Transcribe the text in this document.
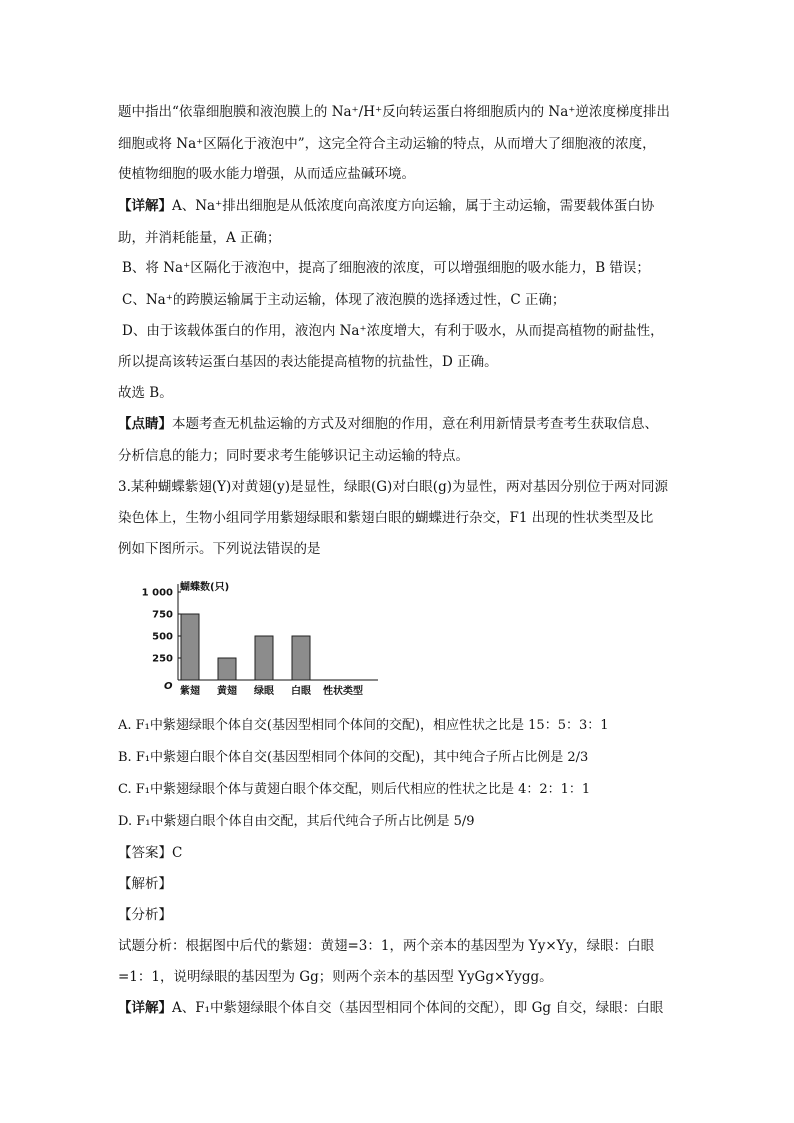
题中指出“依靠细胞膜和液泡膜上的 Na⁺/H⁺反向转运蛋白将细胞质内的 Na⁺逆浓度梯度排出
细胞或将 Na⁺区隔化于液泡中”，这完全符合主动运输的特点，从而增大了细胞液的浓度，
使植物细胞的吸水能力增强，从而适应盐碱环境。
【详解】A、Na⁺排出细胞是从低浓度向高浓度方向运输，属于主动运输，需要载体蛋白协
助，并消耗能量，A 正确；
B、将 Na⁺区隔化于液泡中，提高了细胞液的浓度，可以增强细胞的吸水能力，B 错误；
C、Na⁺的跨膜运输属于主动运输，体现了液泡膜的选择透过性，C 正确；
D、由于该载体蛋白的作用，液泡内 Na⁺浓度增大，有利于吸水，从而提高植物的耐盐性，
所以提高该转运蛋白基因的表达能提高植物的抗盐性，D 正确。
故选 B。
【点睛】本题考查无机盐运输的方式及对细胞的作用，意在利用新情景考查考生获取信息、
分析信息的能力；同时要求考生能够识记主动运输的特点。
3.某种蝴蝶紫翅(Y)对黄翅(y)是显性，绿眼(G)对白眼(g)为显性，两对基因分别位于两对同源
染色体上，生物小组同学用紫翅绿眼和紫翅白眼的蝴蝶进行杂交，F1 出现的性状类型及比
例如下图所示。下列说法错误的是
蝴蝶数(只)
1 000
750
500
250
O 紫翅 黄翅 绿眼 白眼 性状类型
A. F₁中紫翅绿眼个体自交(基因型相同个体间的交配)，相应性状之比是 15：5：3：1
B. F₁中紫翅白眼个体自交(基因型相同个体间的交配)，其中纯合子所占比例是 2/3
C. F₁中紫翅绿眼个体与黄翅白眼个体交配，则后代相应的性状之比是 4：2：1：1
D. F₁中紫翅白眼个体自由交配，其后代纯合子所占比例是 5/9
【答案】C
【解析】
【分析】
试题分析：根据图中后代的紫翅：黄翅=3：1，两个亲本的基因型为 Yy×Yy，绿眼：白眼
=1：1，说明绿眼的基因型为 Gg；则两个亲本的基因型 YyGg×Yygg。
【详解】A、F₁中紫翅绿眼个体自交（基因型相同个体间的交配），即 Gg 自交，绿眼：白眼
